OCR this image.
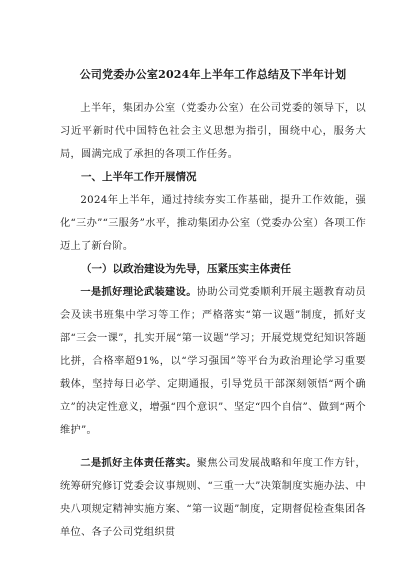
公司党委办公室2024年上半年工作总结及下半年计划

上半年，集团办公室（党委办公室）在公司党委的领导下，以习近平新时代中国特色社会主义思想为指引，围绕中心，服务大局，圆满完成了承担的各项工作任务。

一、上半年工作开展情况

2024年上半年，通过持续夯实工作基础，提升工作效能，强化“三办”“三服务”水平，推动集团办公室（党委办公室）各项工作迈上了新台阶。

（一）以政治建设为先导，压紧压实主体责任

一是抓好理论武装建设。协助公司党委顺利开展主题教育动员会及读书班集中学习等工作；严格落实“第一议题”制度，抓好支部“三会一课”，扎实开展“第一议题”学习；开展党规党纪知识答题比拼，合格率超91%，以“学习强国”等平台为政治理论学习重要载体，坚持每日必学、定期通报，引导党员干部深刻领悟“两个确立”的决定性意义，增强“四个意识”、坚定“四个自信”、做到“两个维护”。

二是抓好主体责任落实。聚焦公司发展战略和年度工作方针，统筹研究修订党委会议事规则、“三重一大”决策制度实施办法、中央八项规定精神实施方案、“第一议题”制度，定期督促检查集团各单位、各子公司党组织贯
